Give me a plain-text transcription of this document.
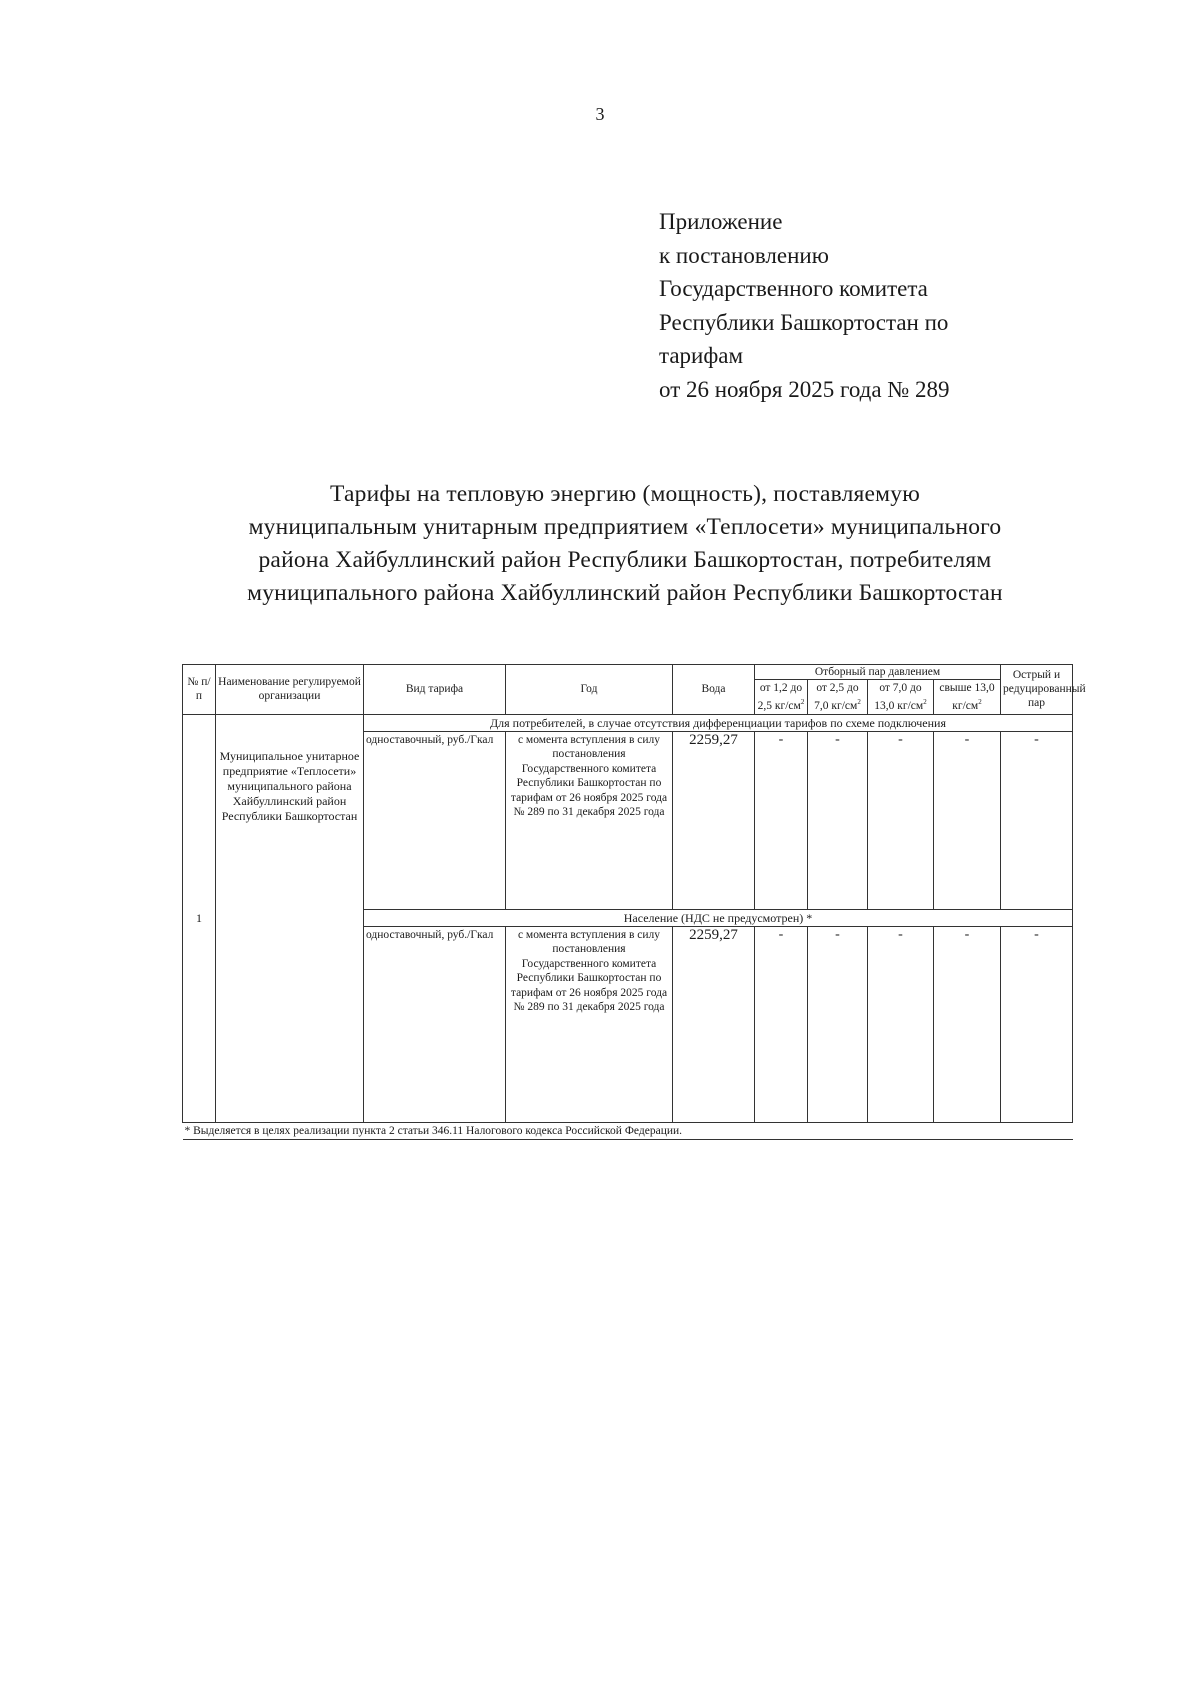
3
Приложение
к постановлению
Государственного комитета
Республики Башкортостан по
тарифам
от 26 ноября 2025 года № 289
Тарифы на тепловую энергию (мощность), поставляемую
муниципальным унитарным предприятием «Теплосети» муниципального
района Хайбуллинский район Республики Башкортостан, потребителям
муниципального района Хайбуллинский район Республики Башкортостан
№ п/п	Наименование регулируемой организации	Вид тарифа	Год	Вода	Отборный пар давлением				Острый и редуцированный пар
					от 1,2 до 2,5 $кг/см^2$	от 2,5 до 7,0 $кг/см^2$	от 7,0 до 13,0 $кг/см^2$	свыше 13,0 $кг/см^2$
1	Муниципальное унитарное предприятие «Теплосети» муниципального района Хайбуллинский район Республики Башкортостан	Для потребителей, в случае отсутствия дифференциации тарифов по схеме подключения							
		одноставочный, руб./Гкал	с момента вступления в силу постановления Государственного комитета Республики Башкортостан по тарифам от 26 ноября 2025 года № 289 по 31 декабря 2025 года	2259,27	-	-	-	-	-
		Население (НДС не предусмотрен) *							
		одноставочный, руб./Гкал	с момента вступления в силу постановления Государственного комитета Республики Башкортостан по тарифам от 26 ноября 2025 года № 289 по 31 декабря 2025 года	2259,27	-	-	-	-	-
* Выделяется в целях реализации пункта 2 статьи 346.11 Налогового кодекса Российской Федерации.									
